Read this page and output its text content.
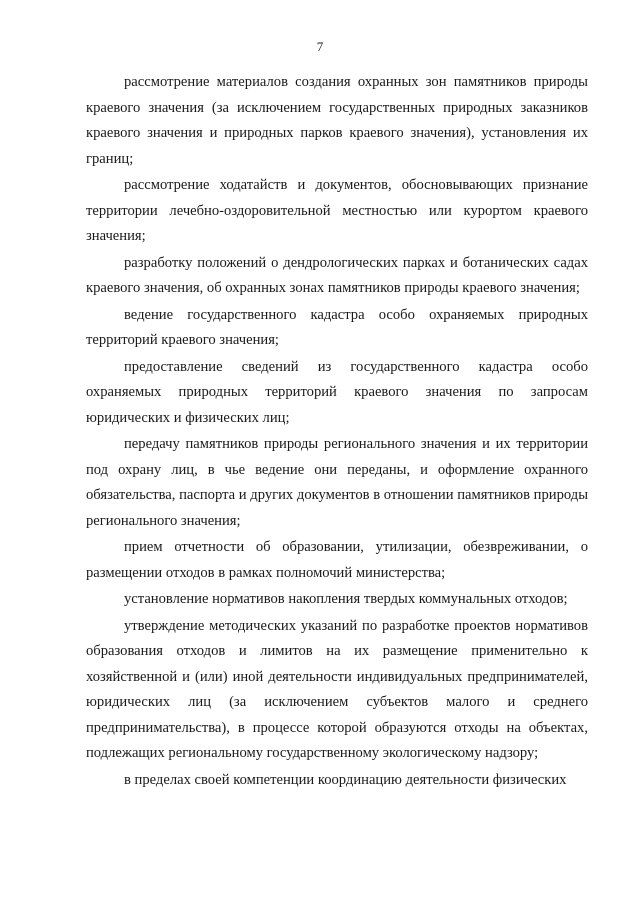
7

рассмотрение материалов создания охранных зон памятников природы краевого значения (за исключением государственных природных заказников краевого значения и природных парков краевого значения), установления их границ;

рассмотрение ходатайств и документов, обосновывающих признание территории лечебно-оздоровительной местностью или курортом краевого значения;

разработку положений о дендрологических парках и ботанических садах краевого значения, об охранных зонах памятников природы краевого значения;

ведение государственного кадастра особо охраняемых природных территорий краевого значения;

предоставление сведений из государственного кадастра особо охраняемых природных территорий краевого значения по запросам юридических и физических лиц;

передачу памятников природы регионального значения и их территории под охрану лиц, в чье ведение они переданы, и оформление охранного обязательства, паспорта и других документов в отношении памятников природы регионального значения;

прием отчетности об образовании, утилизации, обезвреживании, о размещении отходов в рамках полномочий министерства;

установление нормативов накопления твердых коммунальных отходов;

утверждение методических указаний по разработке проектов нормативов образования отходов и лимитов на их размещение применительно к хозяйственной и (или) иной деятельности индивидуальных предпринимателей, юридических лиц (за исключением субъектов малого и среднего предпринимательства), в процессе которой образуются отходы на объектах, подлежащих региональному государственному экологическому надзору;

в пределах своей компетенции координацию деятельности физических
